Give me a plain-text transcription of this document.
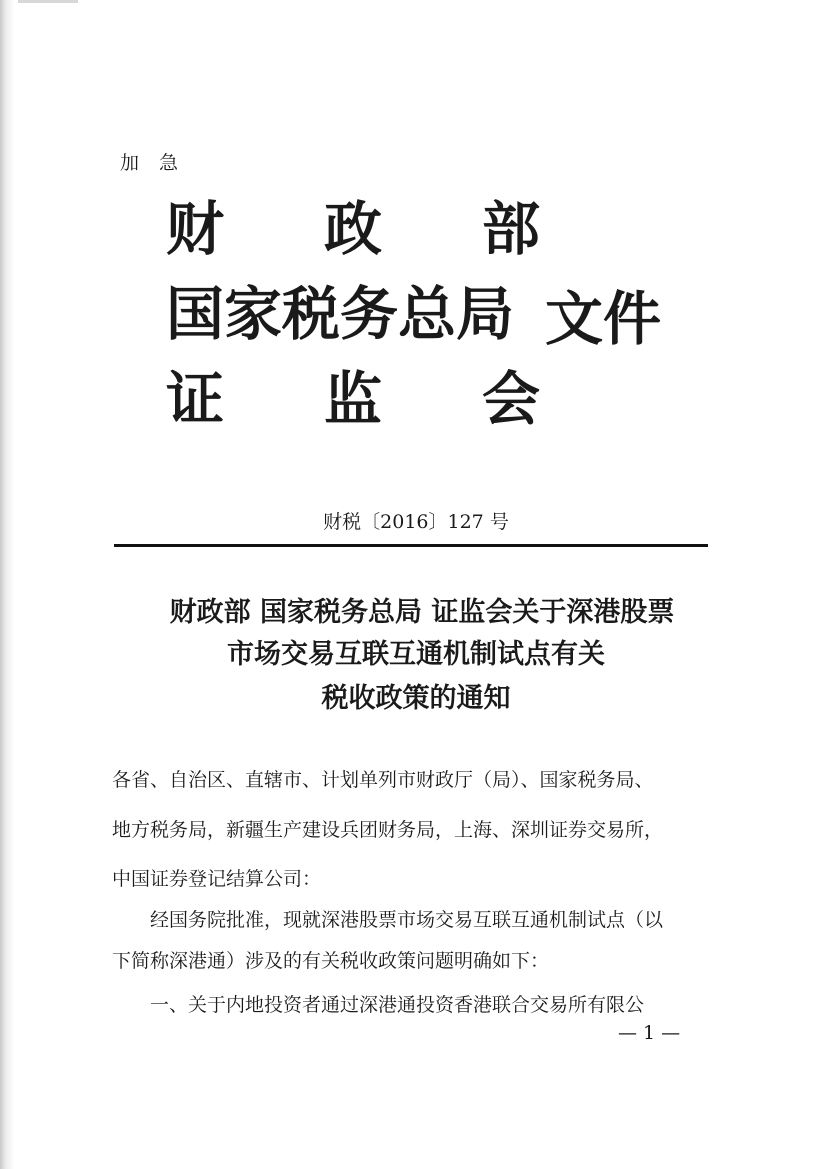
加急
财 政 部
国家税务总局
证 监 会
文件
财税〔2016〕127 号
财政部 国家税务总局 证监会关于深港股票
市场交易互联互通机制试点有关
税收政策的通知
各省、自治区、直辖市、计划单列市财政厅（局）、国家税务局、
地方税务局，新疆生产建设兵团财务局，上海、深圳证券交易所，
中国证券登记结算公司：
经国务院批准，现就深港股票市场交易互联互通机制试点（以
下简称深港通）涉及的有关税收政策问题明确如下：
一、关于内地投资者通过深港通投资香港联合交易所有限公
— 1 —
